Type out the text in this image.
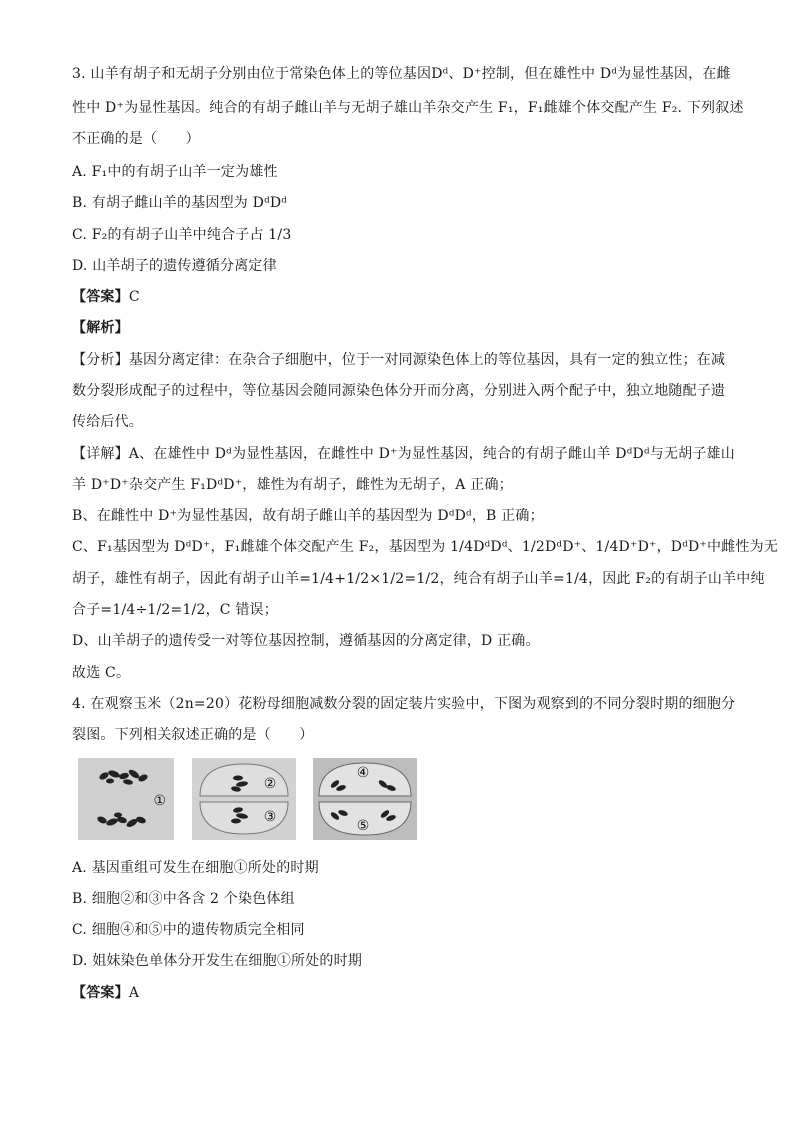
3. 山羊有胡子和无胡子分别由位于常染色体上的等位基因Dᵈ、D⁺控制，但在雄性中 Dᵈ为显性基因，在雌
性中 D⁺为显性基因。纯合的有胡子雌山羊与无胡子雄山羊杂交产生 F₁，F₁雌雄个体交配产生 F₂. 下列叙述
不正确的是（　　）
A. F₁中的有胡子山羊一定为雄性
B. 有胡子雌山羊的基因型为 DᵈDᵈ
C. F₂的有胡子山羊中纯合子占 1/3
D. 山羊胡子的遗传遵循分离定律
【答案】C
【解析】
【分析】基因分离定律：在杂合子细胞中，位于一对同源染色体上的等位基因，具有一定的独立性；在减
数分裂形成配子的过程中，等位基因会随同源染色体分开而分离，分别进入两个配子中，独立地随配子遗
传给后代。
【详解】A、在雄性中 Dᵈ为显性基因，在雌性中 D⁺为显性基因，纯合的有胡子雌山羊 DᵈDᵈ与无胡子雄山
羊 D⁺D⁺杂交产生 F₁DᵈD⁺，雄性为有胡子，雌性为无胡子，A 正确；
B、在雌性中 D⁺为显性基因，故有胡子雌山羊的基因型为 DᵈDᵈ，B 正确；
C、F₁基因型为 DᵈD⁺，F₁雌雄个体交配产生 F₂，基因型为 1/4DᵈDᵈ、1/2DᵈD⁺、1/4D⁺D⁺，DᵈD⁺中雌性为无
胡子，雄性有胡子，因此有胡子山羊=1/4+1/2×1/2=1/2，纯合有胡子山羊=1/4，因此 F₂的有胡子山羊中纯
合子=1/4÷1/2=1/2，C 错误；
D、山羊胡子的遗传受一对等位基因控制，遵循基因的分离定律，D 正确。
故选 C。
4. 在观察玉米（2n=20）花粉母细胞减数分裂的固定装片实验中，下图为观察到的不同分裂时期的细胞分
裂图。下列相关叙述正确的是（　　）
①
②
③
④
⑤
A. 基因重组可发生在细胞①所处的时期
B. 细胞②和③中各含 2 个染色体组
C. 细胞④和⑤中的遗传物质完全相同
D. 姐妹染色单体分开发生在细胞①所处的时期
【答案】A
